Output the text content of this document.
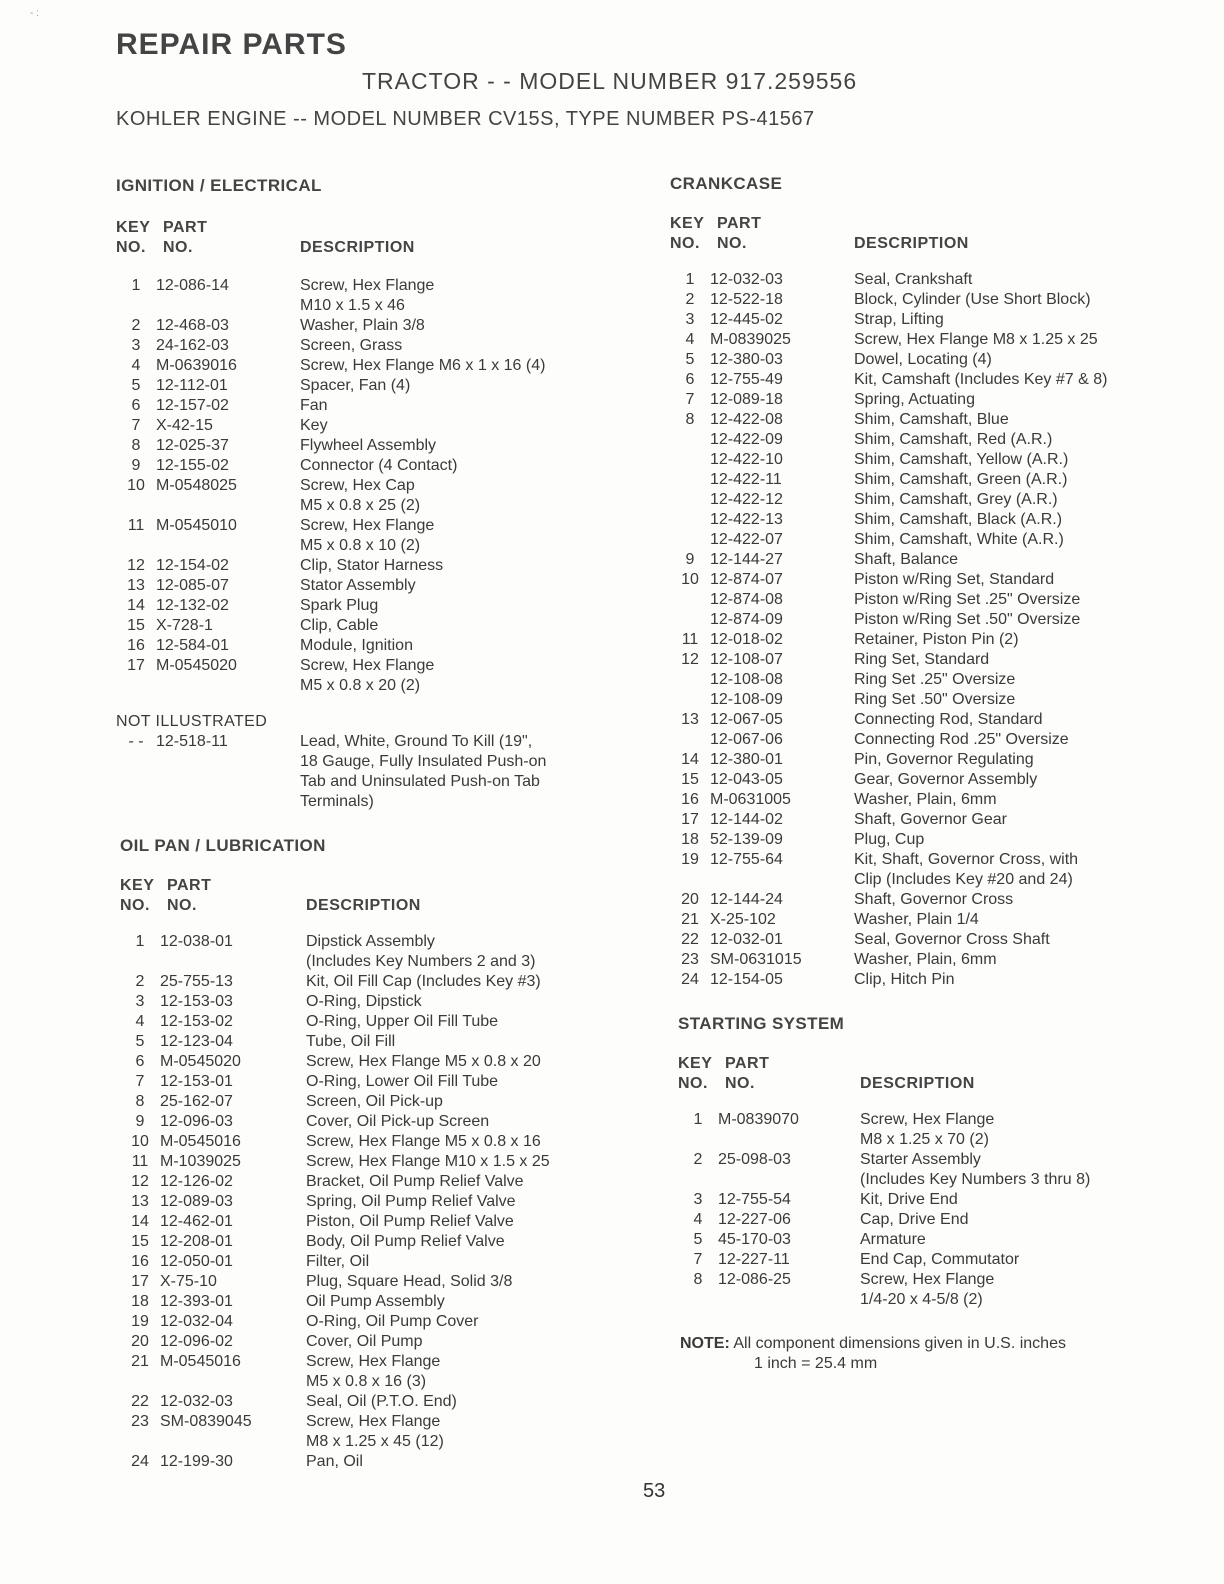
- :
REPAIR PARTS
TRACTOR - - MODEL NUMBER 917.259556
KOHLER ENGINE -- MODEL NUMBER CV15S, TYPE NUMBER PS-41567
IGNITION / ELECTRICAL
KEY
NO.
PART
NO.	DESCRIPTION
1 12-086-14	Screw, Hex Flange
M10 x 1.5 x 46
2 12-468-03	Washer, Plain 3/8
3 24-162-03	Screen, Grass
4 M-0639016	Screw, Hex Flange M6 x 1 x 16 (4)
5 12-112-01	Spacer, Fan (4)
6 12-157-02	Fan
7 X-42-15	Key
8 12-025-37	Flywheel Assembly
9 12-155-02	Connector (4 Contact)
10 M-0548025	Screw, Hex Cap
M5 x 0.8 x 25 (2)
11 M-0545010	Screw, Hex Flange
M5 x 0.8 x 10 (2)
12 12-154-02	Clip, Stator Harness
13 12-085-07	Stator Assembly
14 12-132-02	Spark Plug
15 X-728-1	Clip, Cable
16 12-584-01	Module, Ignition
17 M-0545020	Screw, Hex Flange
M5 x 0.8 x 20 (2)
NOT ILLUSTRATED
- - 12-518-11	Lead, White, Ground To Kill (19",
18 Gauge, Fully Insulated Push-on
Tab and Uninsulated Push-on Tab
Terminals)
OIL PAN / LUBRICATION
KEY
NO.
PART
NO.	DESCRIPTION
1 12-038-01	Dipstick Assembly
(Includes Key Numbers 2 and 3)
2 25-755-13	Kit, Oil Fill Cap (Includes Key #3)
3 12-153-03	O-Ring, Dipstick
4 12-153-02	O-Ring, Upper Oil Fill Tube
5 12-123-04	Tube, Oil Fill
6 M-0545020	Screw, Hex Flange M5 x 0.8 x 20
7 12-153-01	O-Ring, Lower Oil Fill Tube
8 25-162-07	Screen, Oil Pick-up
9 12-096-03	Cover, Oil Pick-up Screen
10 M-0545016	Screw, Hex Flange M5 x 0.8 x 16
11 M-1039025	Screw, Hex Flange M10 x 1.5 x 25
12 12-126-02	Bracket, Oil Pump Relief Valve
13 12-089-03	Spring, Oil Pump Relief Valve
14 12-462-01	Piston, Oil Pump Relief Valve
15 12-208-01	Body, Oil Pump Relief Valve
16 12-050-01	Filter, Oil
17 X-75-10	Plug, Square Head, Solid 3/8
18 12-393-01	Oil Pump Assembly
19 12-032-04	O-Ring, Oil Pump Cover
20 12-096-02	Cover, Oil Pump
21 M-0545016	Screw, Hex Flange
M5 x 0.8 x 16 (3)
22 12-032-03	Seal, Oil (P.T.O. End)
23 SM-0839045	Screw, Hex Flange
M8 x 1.25 x 45 (12)
24 12-199-30	Pan, Oil
CRANKCASE
KEY
NO.
PART
NO.	DESCRIPTION
1 12-032-03	Seal, Crankshaft
2 12-522-18	Block, Cylinder (Use Short Block)
3 12-445-02	Strap, Lifting
4 M-0839025	Screw, Hex Flange M8 x 1.25 x 25
5 12-380-03	Dowel, Locating (4)
6 12-755-49	Kit, Camshaft (Includes Key #7 & 8)
7 12-089-18	Spring, Actuating
8 12-422-08	Shim, Camshaft, Blue
12-422-09	Shim, Camshaft, Red (A.R.)
12-422-10	Shim, Camshaft, Yellow (A.R.)
12-422-11	Shim, Camshaft, Green (A.R.)
12-422-12	Shim, Camshaft, Grey (A.R.)
12-422-13	Shim, Camshaft, Black (A.R.)
12-422-07	Shim, Camshaft, White (A.R.)
9 12-144-27	Shaft, Balance
10 12-874-07	Piston w/Ring Set, Standard
12-874-08	Piston w/Ring Set .25" Oversize
12-874-09	Piston w/Ring Set .50" Oversize
11 12-018-02	Retainer, Piston Pin (2)
12 12-108-07	Ring Set, Standard
12-108-08	Ring Set .25" Oversize
12-108-09	Ring Set .50" Oversize
13 12-067-05	Connecting Rod, Standard
12-067-06	Connecting Rod .25" Oversize
14 12-380-01	Pin, Governor Regulating
15 12-043-05	Gear, Governor Assembly
16 M-0631005	Washer, Plain, 6mm
17 12-144-02	Shaft, Governor Gear
18 52-139-09	Plug, Cup
19 12-755-64	Kit, Shaft, Governor Cross, with
Clip (Includes Key #20 and 24)
20 12-144-24	Shaft, Governor Cross
21 X-25-102	Washer, Plain 1/4
22 12-032-01	Seal, Governor Cross Shaft
23 SM-0631015	Washer, Plain, 6mm
24 12-154-05	Clip, Hitch Pin
STARTING SYSTEM
KEY
NO.
PART
NO.	DESCRIPTION
1 M-0839070	Screw, Hex Flange
M8 x 1.25 x 70 (2)
2 25-098-03	Starter Assembly
(Includes Key Numbers 3 thru 8)
3 12-755-54	Kit, Drive End
4 12-227-06	Cap, Drive End
5 45-170-03	Armature
7 12-227-11	End Cap, Commutator
8 12-086-25	Screw, Hex Flange
1/4-20 x 4-5/8 (2)
NOTE: All component dimensions given in U.S. inches
1 inch = 25.4 mm
53
